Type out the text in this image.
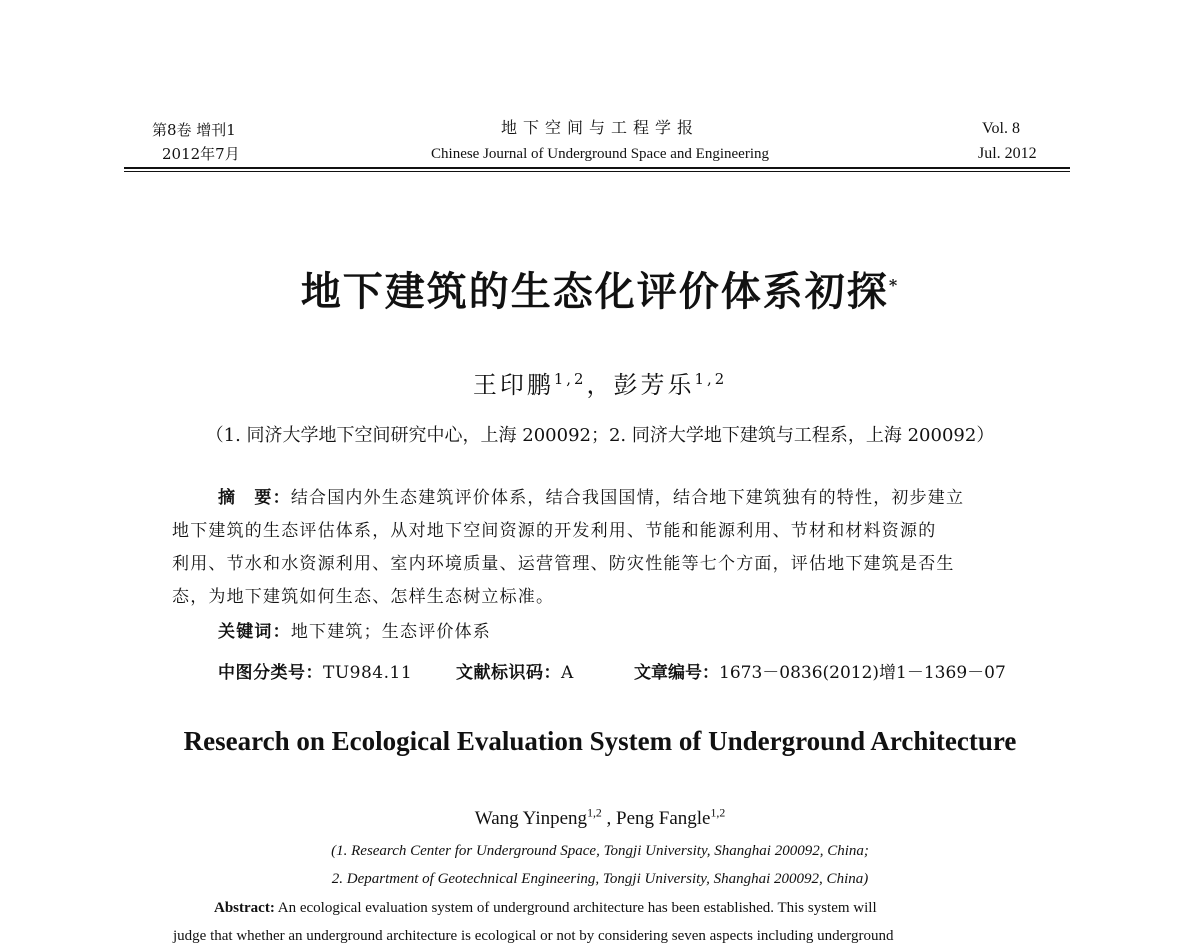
第8卷 增刊1
2012年7月
地下空间与工程学报
Chinese Journal of Underground Space and Engineering
Vol. 8
Jul. 2012
地下建筑的生态化评价体系初探*
王印鹏$^{1,2}$，彭芳乐$^{1,2}$
（1. 同济大学地下空间研究中心，上海 200092；2. 同济大学地下建筑与工程系，上海 200092）
摘　要：结合国内外生态建筑评价体系，结合我国国情，结合地下建筑独有的特性，初步建立
地下建筑的生态评估体系，从对地下空间资源的开发利用、节能和能源利用、节材和材料资源的
利用、节水和水资源利用、室内环境质量、运营管理、防灾性能等七个方面，评估地下建筑是否生
态，为地下建筑如何生态、怎样生态树立标准。
关键词：地下建筑；生态评价体系
中图分类号：TU984.11	文献标识码：A	文章编号：1673－0836(2012)增1－1369－07
Research on Ecological Evaluation System of Underground Architecture
Wang Yinpeng$^{1,2}$ , Peng Fangle$^{1,2}$
(1. Research Center for Underground Space, Tongji University, Shanghai 200092, China;
2. Department of Geotechnical Engineering, Tongji University, Shanghai 200092, China)
Abstract: An ecological evaluation system of underground architecture has been established. This system will
judge that whether an underground architecture is ecological or not by considering seven aspects including underground
